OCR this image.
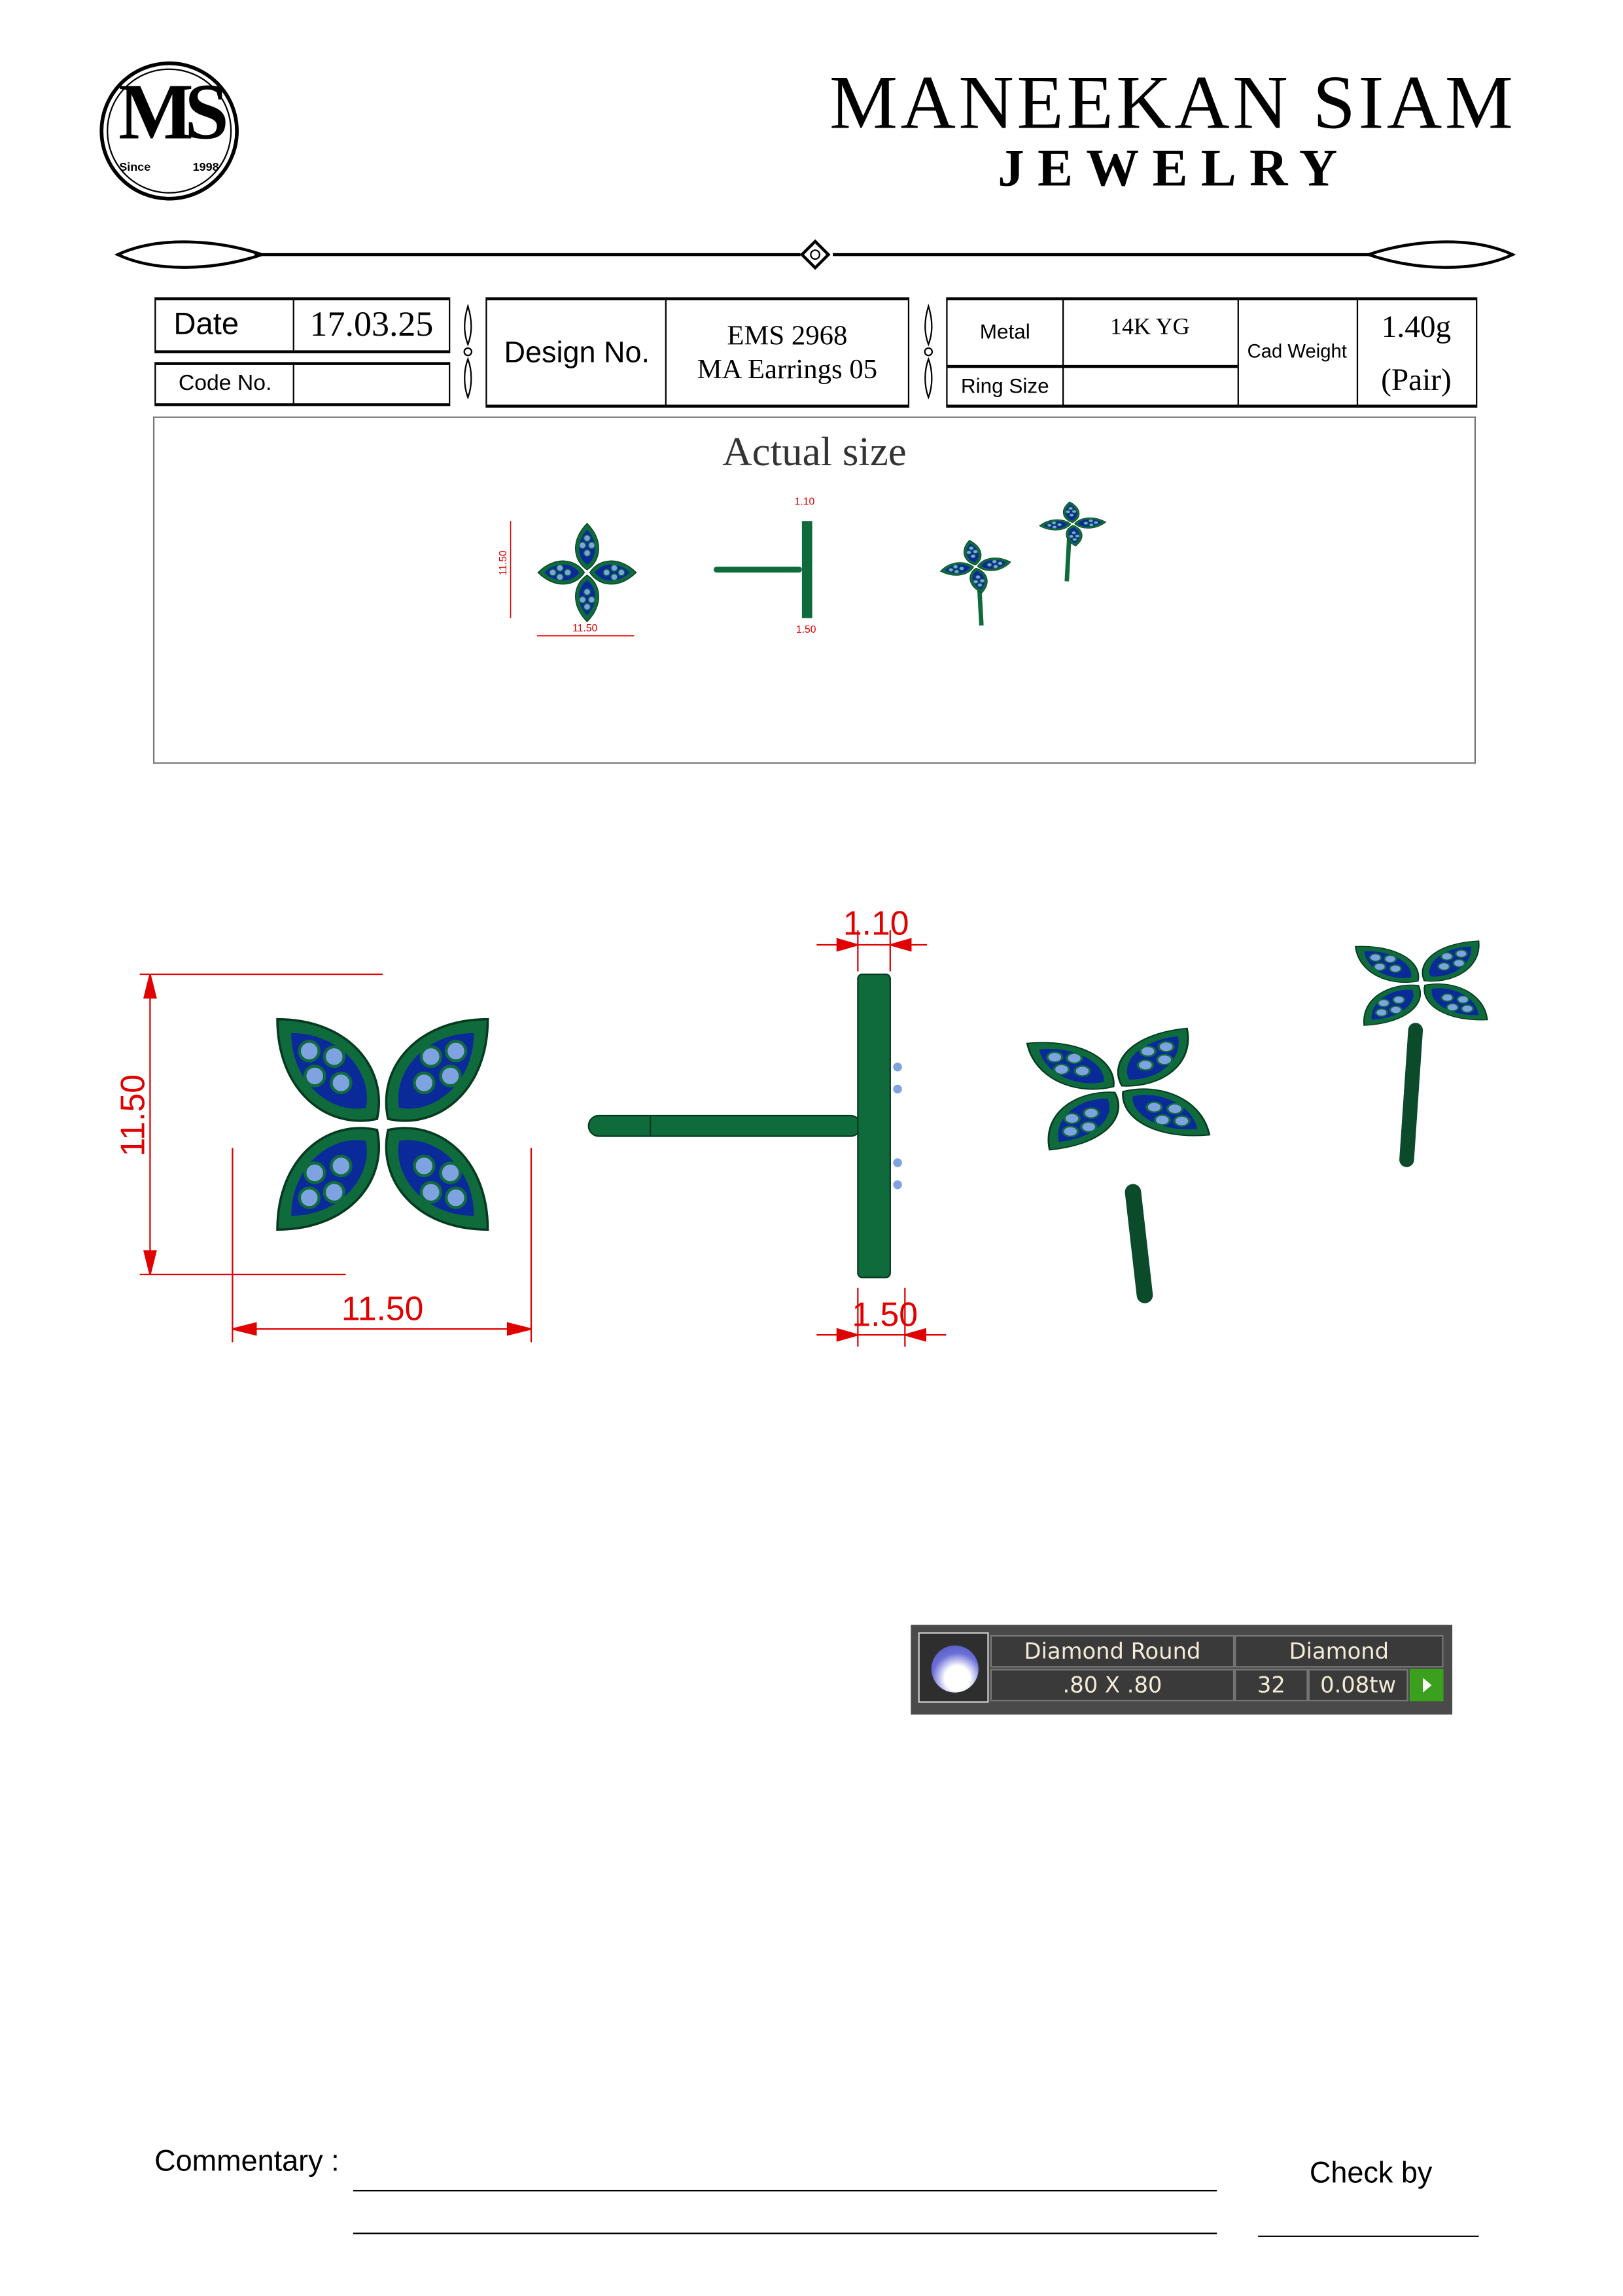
MS
Since	1998
MANEEKAN SIAM
JEWELRY
Date	17.03.25
Code No.
Design No.
EMS 2968
MA Earrings 05
Metal	14K YG
Ring Size
Cad Weight
1.40g
(Pair)
Actual size
11.50
11.50
1.10
1.50
11.50
11.50
1.10
1.50
Diamond Round	Diamond
.80 X .80	32	0.08tw
Commentary :	Check by
